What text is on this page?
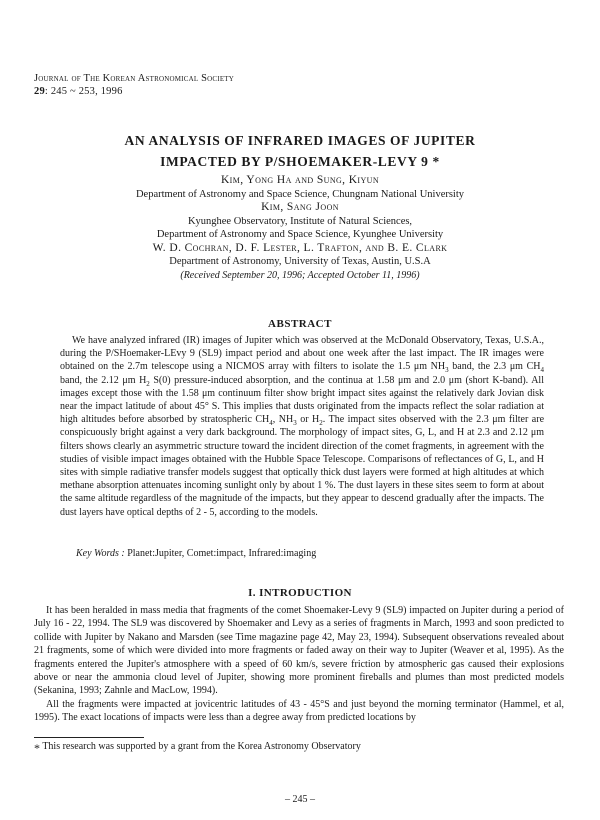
Journal of The Korean Astronomical Society
29: 245 ~ 253, 1996
AN ANALYSIS OF INFRARED IMAGES OF JUPITER
IMPACTED BY P/SHOEMAKER-LEVY 9 *
Kim, Yong Ha and Sung, Kiyun
Department of Astronomy and Space Science, Chungnam National University
Kim, Sang Joon
Kyunghee Observatory, Institute of Natural Sciences,
Department of Astronomy and Space Science, Kyunghee University
W. D. Cochran, D. F. Lester, L. Trafton, and B. E. Clark
Department of Astronomy, University of Texas, Austin, U.S.A
(Received September 20, 1996; Accepted October 11, 1996)
ABSTRACT
We have analyzed infrared (IR) images of Jupiter which was observed at the McDonald Observatory, Texas, U.S.A., during the P/SHoemaker-LEvy 9 (SL9) impact period and about one week after the last impact. The IR images were obtained on the 2.7m telescope using a NICMOS array with filters to isolate the 1.5 μm $NH_3$ band, the 2.3 μm $CH_4$ band, the 2.12 μm $H_2$ S(0) pressure-induced absorption, and the continua at 1.58 μm and 2.0 μm (short K-band). All images except those with the 1.58 μm continuum filter show bright impact sites against the relatively dark Jovian disk near the impact latitude of about 45° S. This implies that dusts originated from the impacts reflect the solar radiation at high altitudes before absorbed by stratospheric $CH_4$, $NH_3$ or $H_2$. The impact sites observed with the 2.3 μm filter are conspicuously bright against a very dark background. The morphology of impact sites, G, L, and H at 2.3 and 2.12 μm filters shows clearly an asymmetric structure toward the incident direction of the comet fragments, in agreement with the studies of visible impact images obtained with the Hubble Space Telescope. Comparisons of reflectances of G, L, and H sites with simple radiative transfer models suggest that optically thick dust layers were formed at high altitudes at which methane absorption attenuates incoming sunlight only by about 1 %. The dust layers in these sites seem to form at about the same altitude regardless of the magnitude of the impacts, but they appear to descend gradually after the impacts. The dust layers have optical depths of 2 - 5, according to the models.
Key Words : Planet:Jupiter, Comet:impact, Infrared:imaging
I. INTRODUCTION

It has been heralded in mass media that fragments of the comet Shoemaker-Levy 9 (SL9) impacted on Jupiter during a period of July 16 - 22, 1994. The SL9 was discovered by Shoemaker and Levy as a series of fragments in March, 1993 and soon predicted to collide with Jupiter by Nakano and Marsden (see Time magazine page 42, May 23, 1994). Subsequent observations revealed about 21 fragments, some of which were divided into more fragments or faded away on their way to Jupiter (Weaver et al, 1995). As the fragments entered the Jupiter's atmosphere with a speed of 60 km/s, severe friction by atmospheric gas caused their explosions above or near the ammonia cloud level of Jupiter, showing more prominent fireballs and plumes than most predicted models (Sekanina, 1993; Zahnle and MacLow, 1994).

All the fragments were impacted at jovicentric latitudes of 43 - 45°S and just beyond the morning terminator (Hammel, et al, 1995). The exact locations of impacts were less than a degree away from predicted locations by

* This research was supported by a grant from the Korea Astronomy Observatory
– 245 –
